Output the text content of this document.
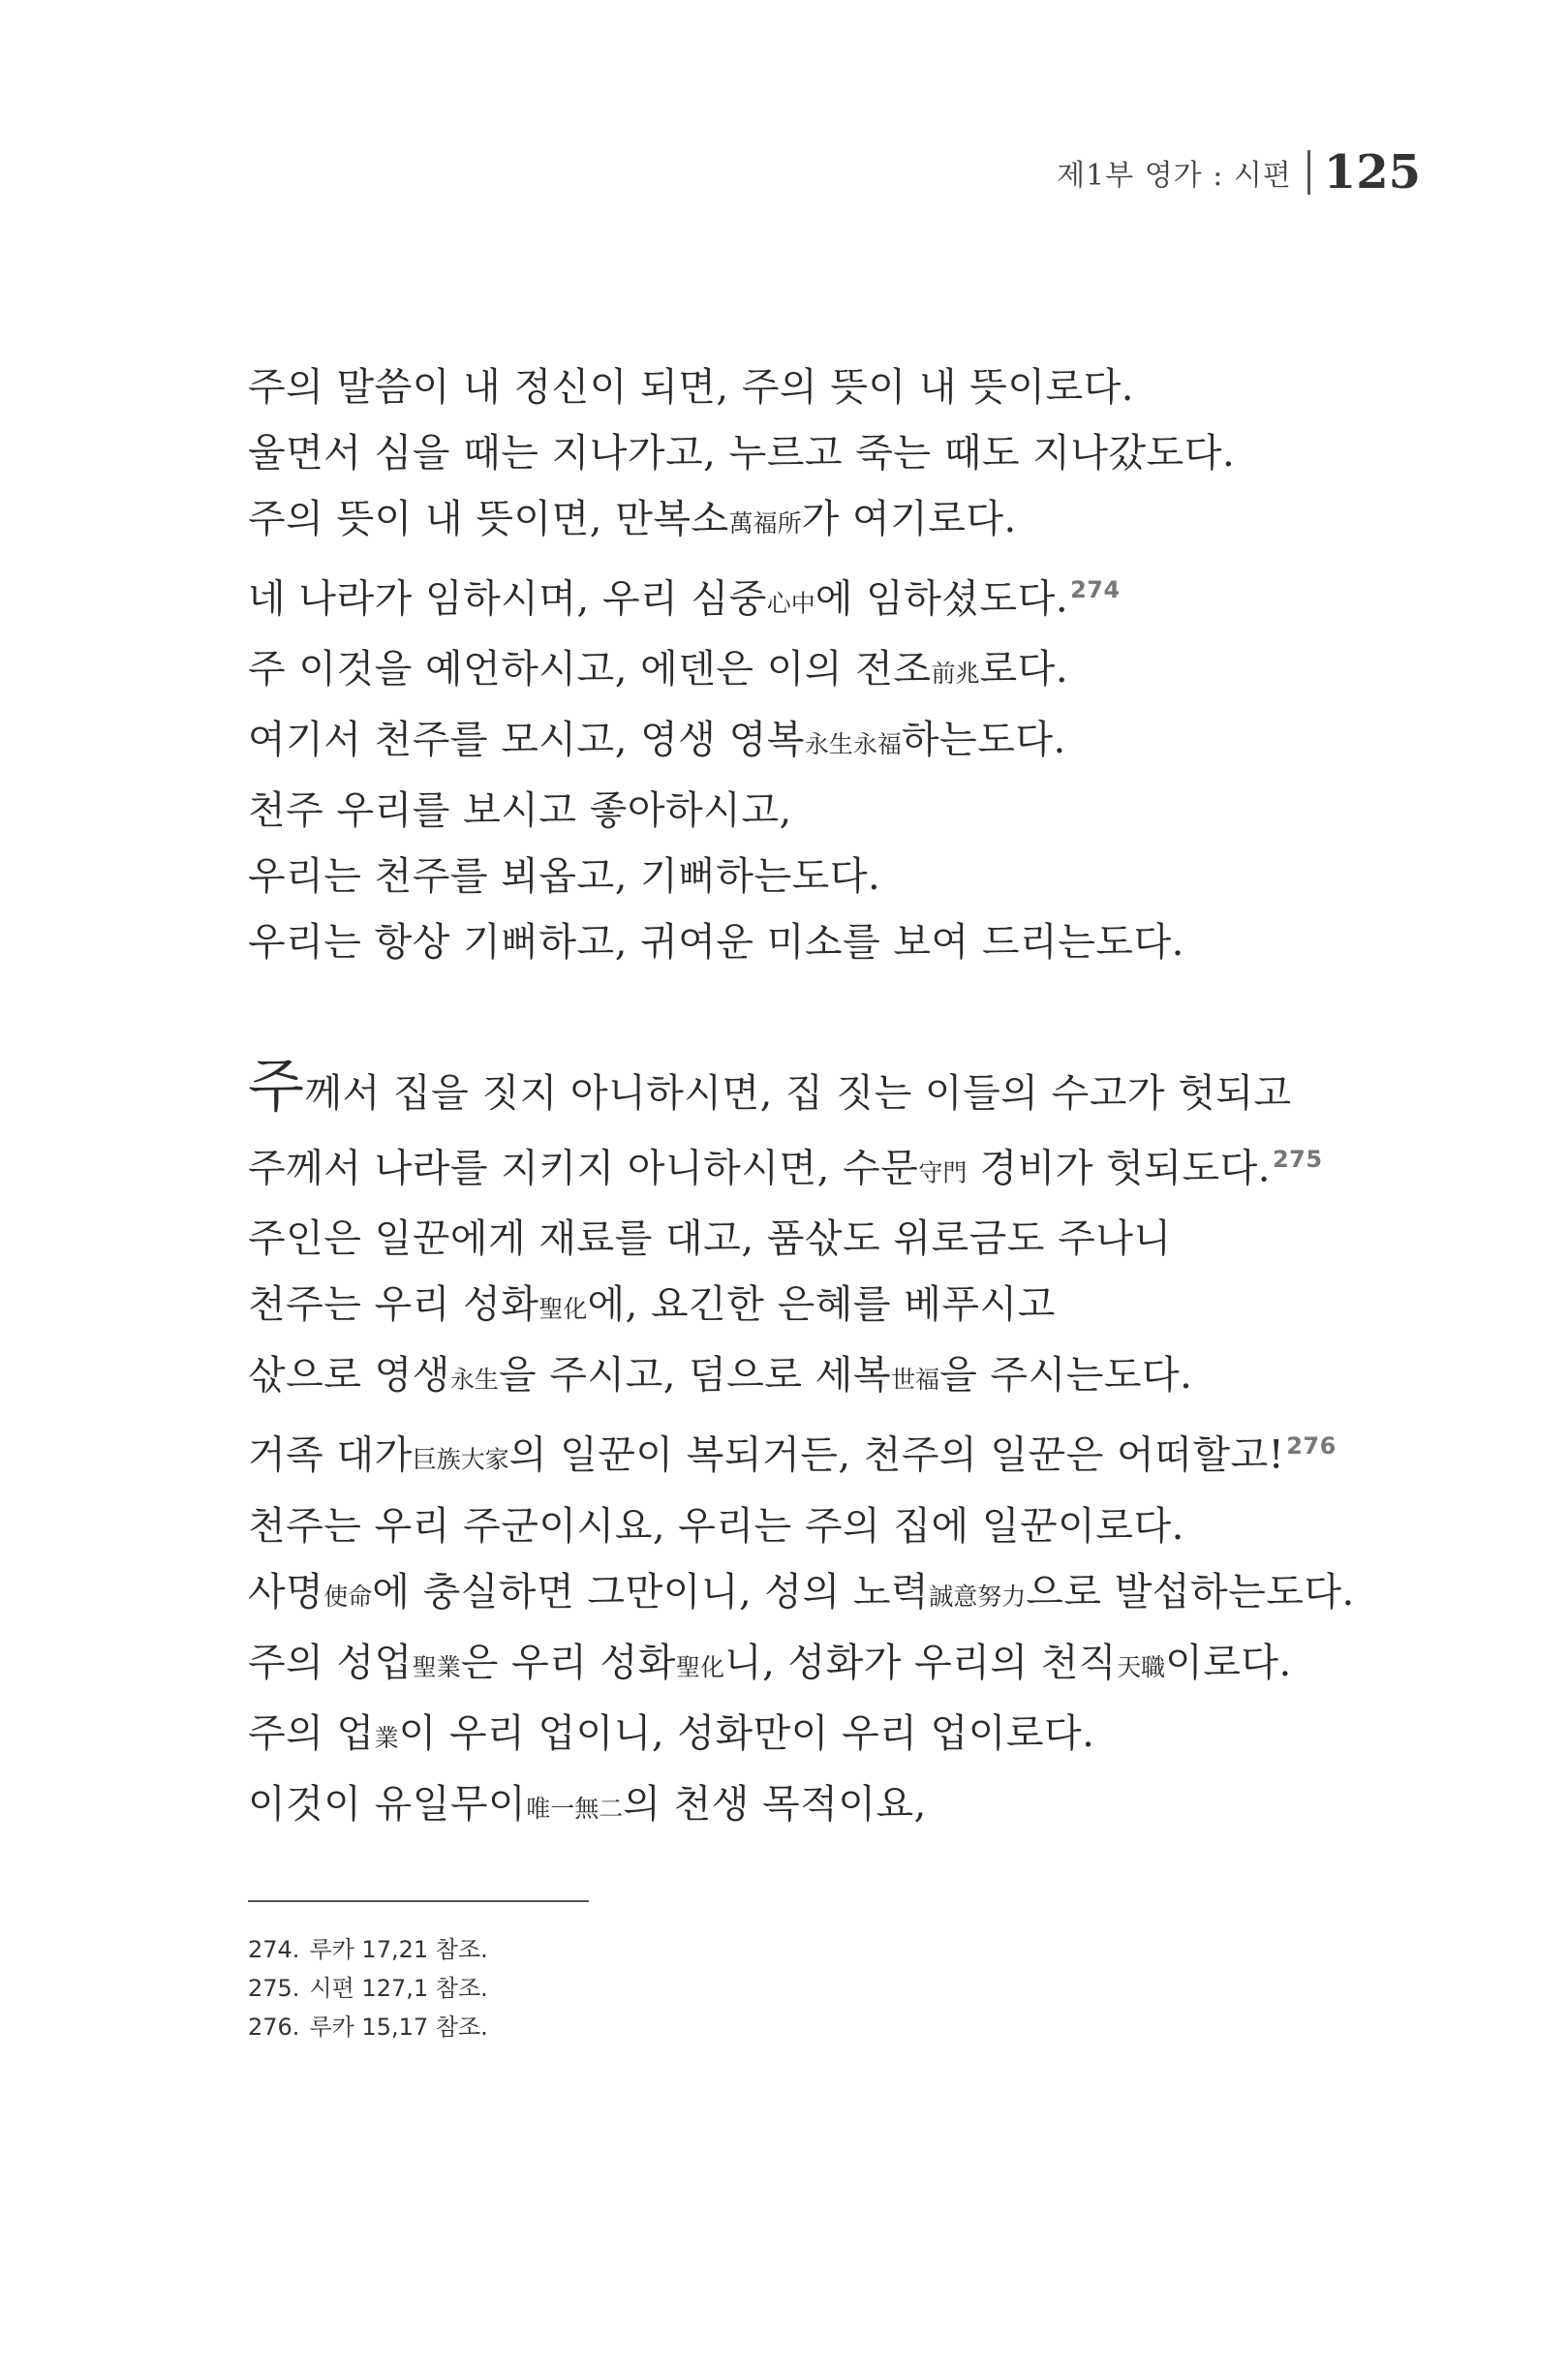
제1부 영가 : 시편 125
주의 말씀이 내 정신이 되면, 주의 뜻이 내 뜻이로다.
울면서 심을 때는 지나가고, 누르고 죽는 때도 지나갔도다.
주의 뜻이 내 뜻이면, 만복소萬福所가 여기로다.
네 나라가 임하시며, 우리 심중心中에 임하셨도다.$^{274}$
주 이것을 예언하시고, 에덴은 이의 전조前兆로다.
여기서 천주를 모시고, 영생 영복永生永福하는도다.
천주 우리를 보시고 좋아하시고,
우리는 천주를 뵈옵고, 기뻐하는도다.
우리는 항상 기뻐하고, 귀여운 미소를 보여 드리는도다.
주께서 집을 짓지 아니하시면, 집 짓는 이들의 수고가 헛되고
주께서 나라를 지키지 아니하시면, 수문守門 경비가 헛되도다.$^{275}$
주인은 일꾼에게 재료를 대고, 품삯도 위로금도 주나니
천주는 우리 성화聖化에, 요긴한 은혜를 베푸시고
삯으로 영생永生을 주시고, 덤으로 세복世福을 주시는도다.
거족 대가巨族大家의 일꾼이 복되거든, 천주의 일꾼은 어떠할고!$^{276}$
천주는 우리 주군이시요, 우리는 주의 집에 일꾼이로다.
사명使命에 충실하면 그만이니, 성의 노력誠意努力으로 발섭하는도다.
주의 성업聖業은 우리 성화聖化니, 성화가 우리의 천직天職이로다.
주의 업業이 우리 업이니, 성화만이 우리 업이로다.
이것이 유일무이唯一無二의 천생 목적이요,
274. 루카 17,21 참조.
275. 시편 127,1 참조.
276. 루카 15,17 참조.
